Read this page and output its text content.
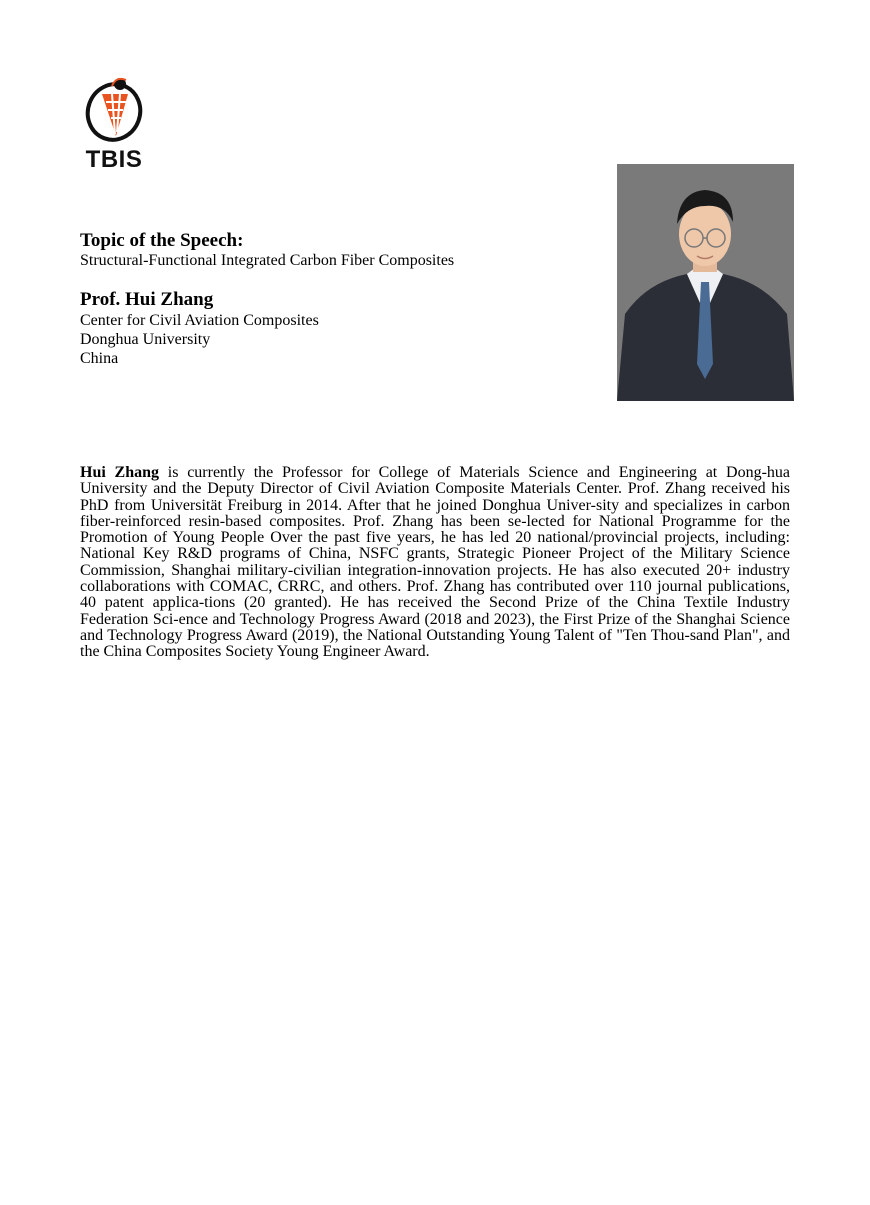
TBIS
Topic of the Speech:
Structural-Functional Integrated Carbon Fiber Composites
Prof. Hui Zhang
Center for Civil Aviation Composites
Donghua University
China
Hui Zhang is currently the Professor for College of Materials Science and Engineering at Dong-hua University and the Deputy Director of Civil Aviation Composite Materials Center. Prof. Zhang received his PhD from Universität Freiburg in 2014. After that he joined Donghua Univer-sity and specializes in carbon fiber-reinforced resin-based composites. Prof. Zhang has been se-lected for National Programme for the Promotion of Young People Over the past five years, he has led 20 national/provincial projects, including: National Key R&D programs of China, NSFC grants, Strategic Pioneer Project of the Military Science Commission, Shanghai military-civilian integration-innovation projects. He has also executed 20+ industry collaborations with COMAC, CRRC, and others. Prof. Zhang has contributed over 110 journal publications, 40 patent applica-tions (20 granted). He has received the Second Prize of the China Textile Industry Federation Sci-ence and Technology Progress Award (2018 and 2023), the First Prize of the Shanghai Science and Technology Progress Award (2019), the National Outstanding Young Talent of "Ten Thou-sand Plan", and the China Composites Society Young Engineer Award.
